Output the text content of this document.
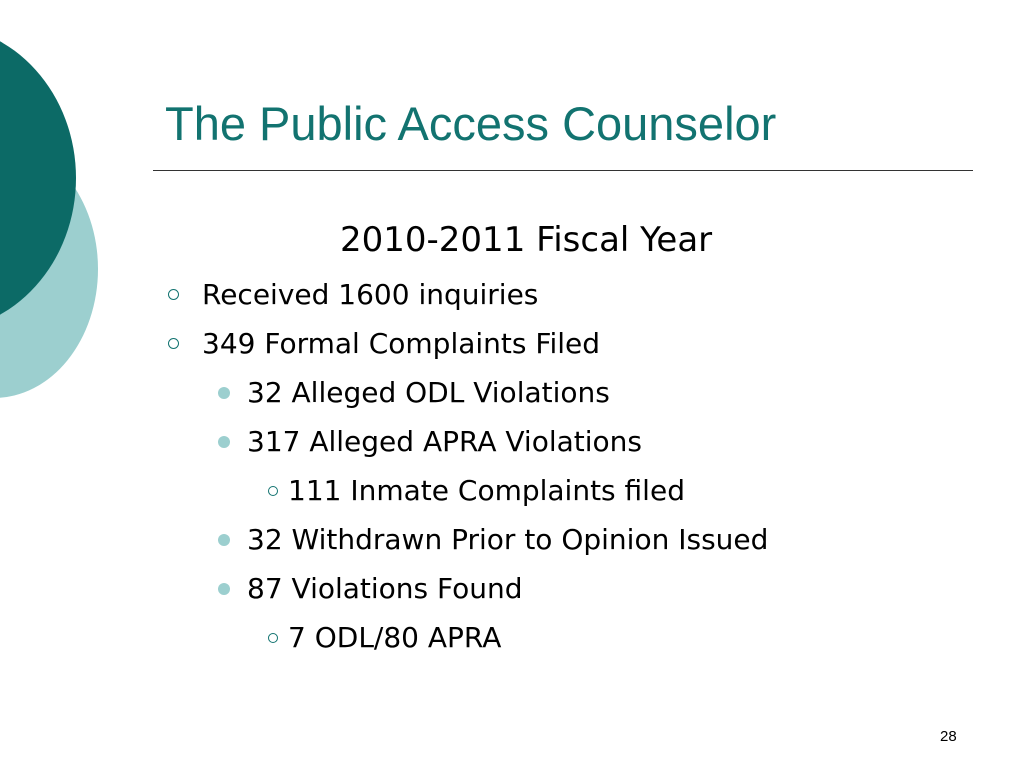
The Public Access Counselor
2010-2011 Fiscal Year
Received 1600 inquiries
349 Formal Complaints Filed
32 Alleged ODL Violations
317 Alleged APRA Violations
111 Inmate Complaints filed
32 Withdrawn Prior to Opinion Issued
87 Violations Found
7 ODL/80 APRA
28
